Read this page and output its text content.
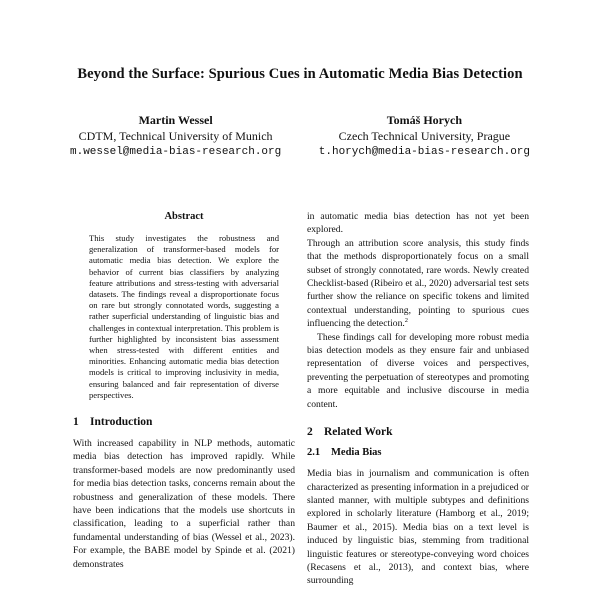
Beyond the Surface: Spurious Cues in Automatic Media Bias Detection
Martin Wessel
CDTM, Technical University of Munich
m.wessel@media-bias-research.org
Tomáš Horych
Czech Technical University, Prague
t.horych@media-bias-research.org
Abstract

This study investigates the robustness and generalization of transformer-based models for automatic media bias detection. We explore the behavior of current bias classifiers by analyzing feature attributions and stress-testing with adversarial datasets. The findings reveal a disproportionate focus on rare but strongly connotated words, suggesting a rather superficial understanding of linguistic bias and challenges in contextual interpretation. This problem is further highlighted by inconsistent bias assessment when stress-tested with different entities and minorities. Enhancing automatic media bias detection models is critical to improving inclusivity in media, ensuring balanced and fair representation of diverse perspectives.

1 Introduction

With increased capability in NLP methods, automatic media bias detection has improved rapidly. While transformer-based models are now predominantly used for media bias detection tasks, concerns remain about the robustness and generalization of these models. There have been indications that the models use shortcuts in classification, leading to a superficial rather than fundamental understanding of bias (Wessel et al., 2023). For example, the BABE model by Spinde et al. (2021) demonstrates

in automatic media bias detection has not yet been explored.

Through an attribution score analysis, this study finds that the methods disproportionately focus on a small subset of strongly connotated, rare words. Newly created Checklist-based (Ribeiro et al., 2020) adversarial test sets further show the reliance on specific tokens and limited contextual understanding, pointing to spurious cues influencing the detection.$^2$

These findings call for developing more robust media bias detection models as they ensure fair and unbiased representation of diverse voices and perspectives, preventing the perpetuation of stereotypes and promoting a more equitable and inclusive discourse in media content.

2 Related Work
2.1 Media Bias

Media bias in journalism and communication is often characterized as presenting information in a prejudiced or slanted manner, with multiple subtypes and definitions explored in scholarly literature (Hamborg et al., 2019; Baumer et al., 2015). Media bias on a text level is induced by linguistic bias, stemming from traditional linguistic features or stereotype-conveying word choices (Recasens et al., 2013), and context bias, where surrounding
